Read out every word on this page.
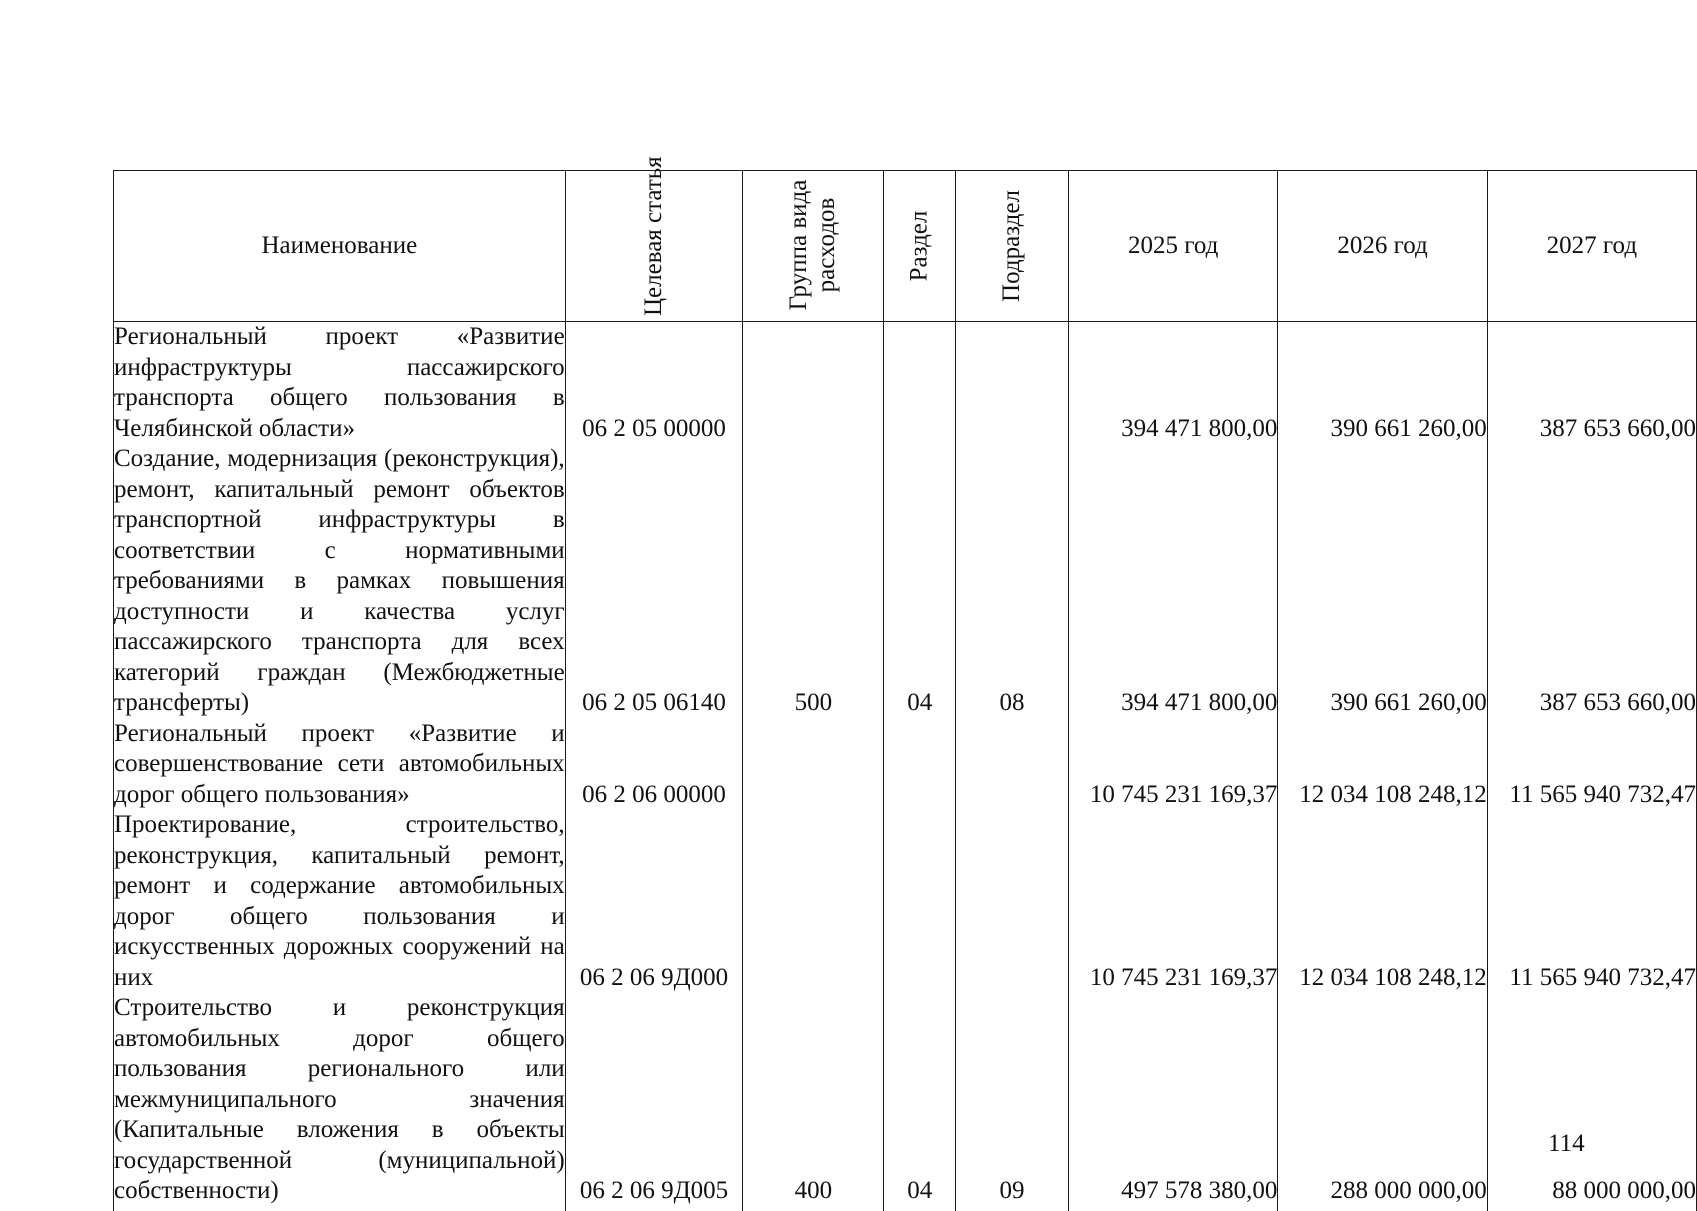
Наименование	Целевая статья	Группа вида расходов	Раздел	Подраздел	2025 год	2026 год	2027 год
Региональный проект «Развитие инфраструктуры пассажирского транспорта общего пользования в Челябинской области»	06 2 05 00000				394 471 800,00	390 661 260,00	387 653 660,00
Создание, модернизация (реконструкция), ремонт, капитальный ремонт объектов транспортной инфраструктуры в соответствии с нормативными требованиями в рамках повышения доступности и качества услуг пассажирского транспорта для всех категорий граждан (Межбюджетные трансферты)	06 2 05 06140	500	04	08	394 471 800,00	390 661 260,00	387 653 660,00
Региональный проект «Развитие и совершенствование сети автомобильных дорог общего пользования»	06 2 06 00000				10 745 231 169,37	12 034 108 248,12	11 565 940 732,47
Проектирование, строительство, реконструкция, капитальный ремонт, ремонт и содержание автомобильных дорог общего пользования и искусственных дорожных сооружений на них	06 2 06 9Д000				10 745 231 169,37	12 034 108 248,12	11 565 940 732,47
Строительство и реконструкция автомобильных дорог общего пользования регионального или межмуниципального значения (Капитальные вложения в объекты государственной (муниципальной) собственности)	06 2 06 9Д005	400	04	09	497 578 380,00	288 000 000,00	88 000 000,00
114
